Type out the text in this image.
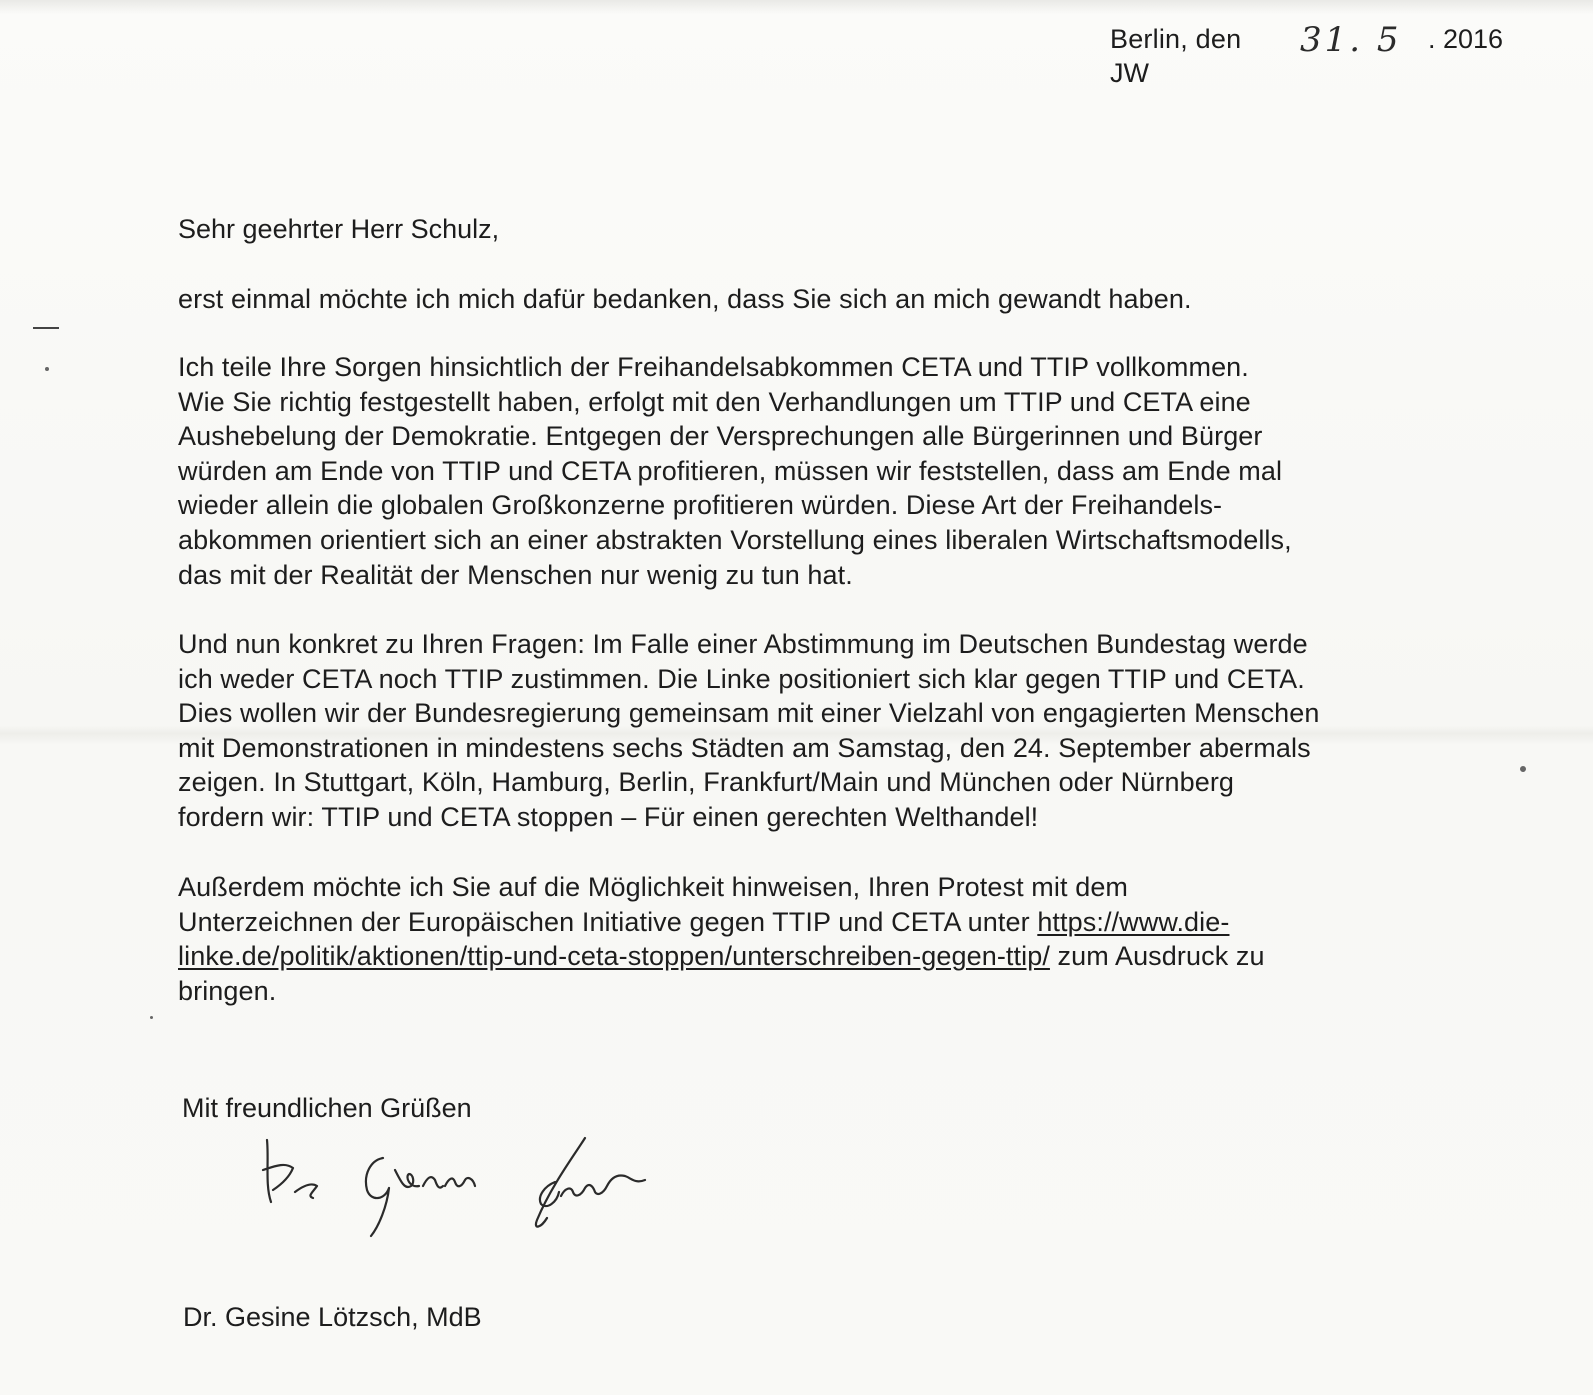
Berlin, den 31. 5 . 2016
JW
Sehr geehrter Herr Schulz,

erst einmal möchte ich mich dafür bedanken, dass Sie sich an mich gewandt haben.

Ich teile Ihre Sorgen hinsichtlich der Freihandelsabkommen CETA und TTIP vollkommen.
Wie Sie richtig festgestellt haben, erfolgt mit den Verhandlungen um TTIP und CETA eine
Aushebelung der Demokratie. Entgegen der Versprechungen alle Bürgerinnen und Bürger
würden am Ende von TTIP und CETA profitieren, müssen wir feststellen, dass am Ende mal
wieder allein die globalen Großkonzerne profitieren würden. Diese Art der Freihandels-
abkommen orientiert sich an einer abstrakten Vorstellung eines liberalen Wirtschaftsmodells,
das mit der Realität der Menschen nur wenig zu tun hat.

Und nun konkret zu Ihren Fragen: Im Falle einer Abstimmung im Deutschen Bundestag werde
ich weder CETA noch TTIP zustimmen. Die Linke positioniert sich klar gegen TTIP und CETA.
Dies wollen wir der Bundesregierung gemeinsam mit einer Vielzahl von engagierten Menschen
mit Demonstrationen in mindestens sechs Städten am Samstag, den 24. September abermals
zeigen. In Stuttgart, Köln, Hamburg, Berlin, Frankfurt/Main und München oder Nürnberg
fordern wir: TTIP und CETA stoppen – Für einen gerechten Welthandel!

Außerdem möchte ich Sie auf die Möglichkeit hinweisen, Ihren Protest mit dem
Unterzeichnen der Europäischen Initiative gegen TTIP und CETA unter https://www.die-
linke.de/politik/aktionen/ttip-und-ceta-stoppen/unterschreiben-gegen-ttip/ zum Ausdruck zu
bringen.

Mit freundlichen Grüßen
Dr. Gesine Lötzsch, MdB
